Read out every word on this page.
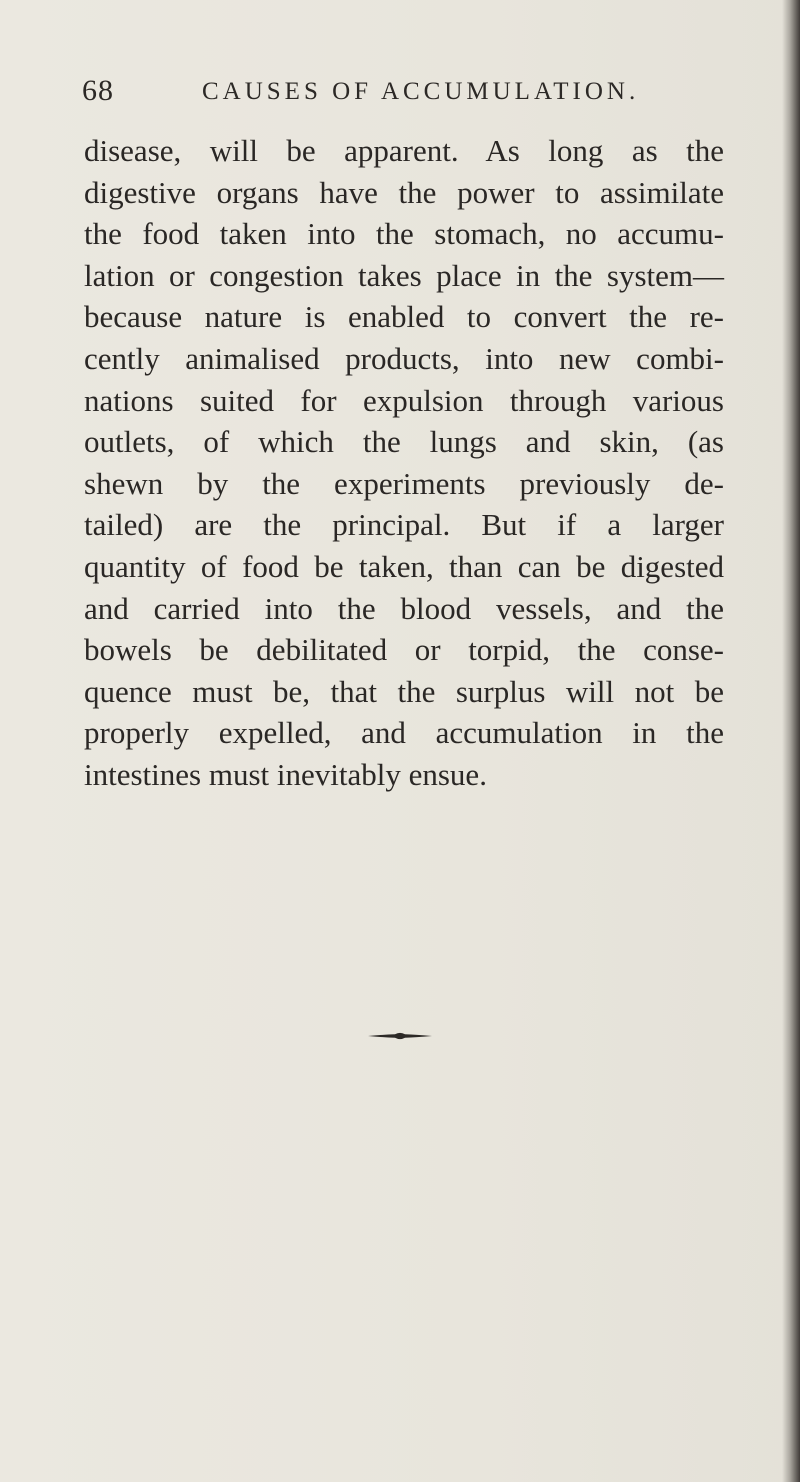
68	CAUSES OF ACCUMULATION.
disease, will be apparent. As long as the
digestive organs have the power to assimilate
the food taken into the stomach, no accumu-
lation or congestion takes place in the system—
because nature is enabled to convert the re-
cently animalised products, into new combi-
nations suited for expulsion through various
outlets, of which the lungs and skin, (as
shewn by the experiments previously de-
tailed) are the principal. But if a larger
quantity of food be taken, than can be digested
and carried into the blood vessels, and the
bowels be debilitated or torpid, the conse-
quence must be, that the surplus will not be
properly expelled, and accumulation in the
intestines must inevitably ensue.
